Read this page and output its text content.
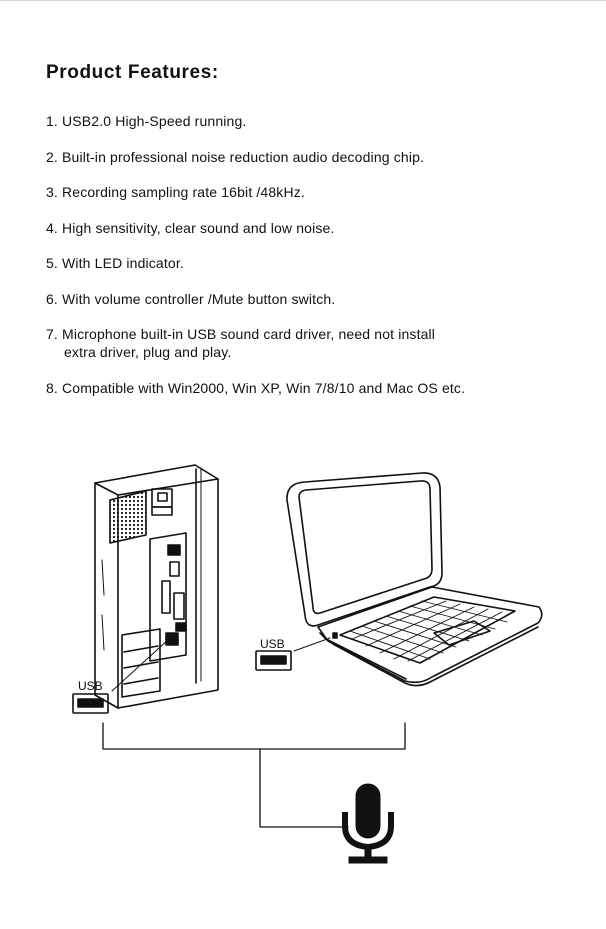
Product Features:
1. USB2.0 High-Speed running.
2. Built-in professional noise reduction audio decoding chip.
3. Recording sampling rate 16bit /48kHz.
4. High sensitivity, clear sound and low noise.
5. With LED indicator.
6. With volume controller /Mute button switch.
7. Microphone built-in USB sound card driver, need not install
extra driver, plug and play.
8. Compatible with Win2000, Win XP, Win 7/8/10 and Mac OS etc.
USB
USB
